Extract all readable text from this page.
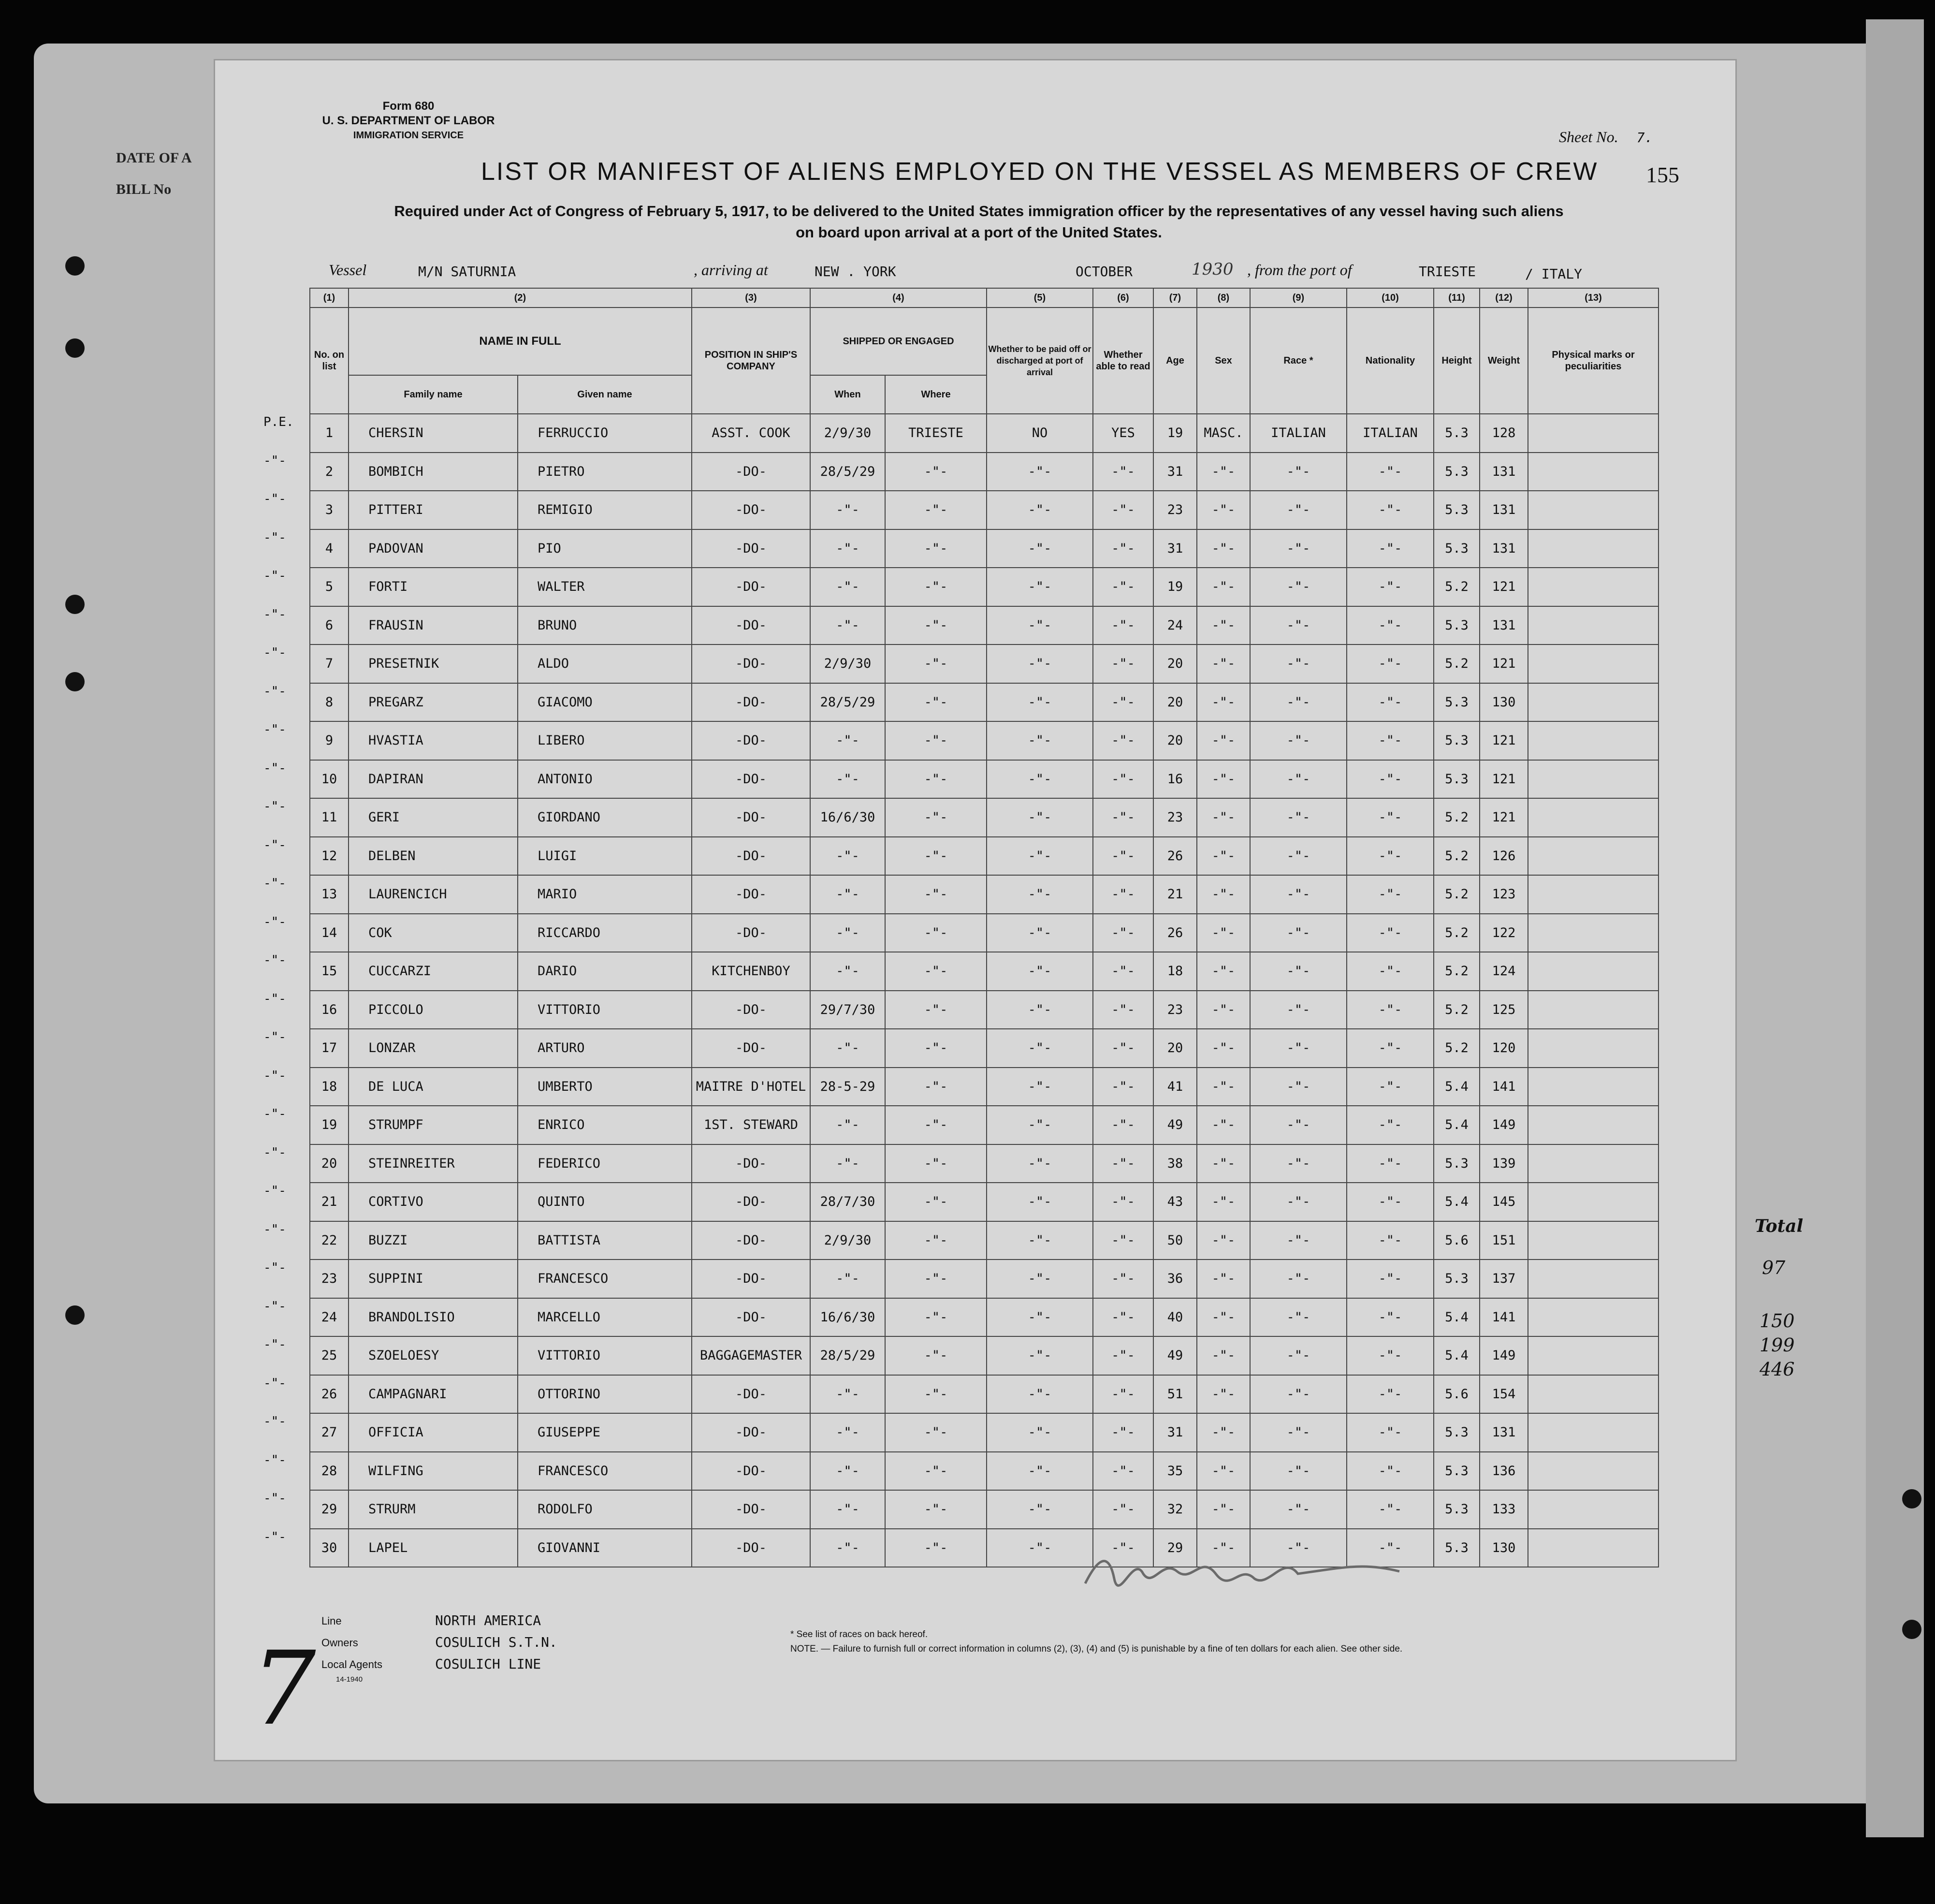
DATE OF A
BILL No
Total
97
150
199
446
Form 680
U. S. DEPARTMENT OF LABOR
IMMIGRATION SERVICE	Sheet No. 7.
155
LIST OR MANIFEST OF ALIENS EMPLOYED ON THE VESSEL AS MEMBERS OF CREW
Required under Act of Congress of February 5, 1917, to be delivered to the United States immigration officer by the representatives of any vessel having such aliens
on board upon arrival at a port of the United States.
Vessel	M/N SATURNIA	, arriving at	NEW . YORK	OCTOBER	1930 , from the port of	TRIESTE	/ ITALY
(1)	(2)		(3)	(4)		(5)	(6)	(7)	(8)	(9)	(10)	(11)	(12)	(13)
No. on list	NAME IN FULL		POSITION IN SHIP'S COMPANY	SHIPPED OR ENGAGED		Whether to be paid off or discharged at port of arrival	Whether able to read	Age	Sex	Race *	Nationality	Height	Weight	Physical marks or peculiarities
	Family name	Given name		When	Where									
1	CHERSIN	FERRUCCIO	ASST. COOK	2/9/30	TRIESTE	NO	YES	19	MASC.	ITALIAN	ITALIAN	5.3	128	
2	BOMBICH	PIETRO	-DO-	28/5/29	-"-	-"-	-"-	31	-"-	-"-	-"-	5.3	131	
3	PITTERI	REMIGIO	-DO-	-"-	-"-	-"-	-"-	23	-"-	-"-	-"-	5.3	131	
4	PADOVAN	PIO	-DO-	-"-	-"-	-"-	-"-	31	-"-	-"-	-"-	5.3	131	
5	FORTI	WALTER	-DO-	-"-	-"-	-"-	-"-	19	-"-	-"-	-"-	5.2	121	
6	FRAUSIN	BRUNO	-DO-	-"-	-"-	-"-	-"-	24	-"-	-"-	-"-	5.3	131	
7	PRESETNIK	ALDO	-DO-	2/9/30	-"-	-"-	-"-	20	-"-	-"-	-"-	5.2	121	
8	PREGARZ	GIACOMO	-DO-	28/5/29	-"-	-"-	-"-	20	-"-	-"-	-"-	5.3	130	
9	HVASTIA	LIBERO	-DO-	-"-	-"-	-"-	-"-	20	-"-	-"-	-"-	5.3	121	
10	DAPIRAN	ANTONIO	-DO-	-"-	-"-	-"-	-"-	16	-"-	-"-	-"-	5.3	121	
11	GERI	GIORDANO	-DO-	16/6/30	-"-	-"-	-"-	23	-"-	-"-	-"-	5.2	121	
12	DELBEN	LUIGI	-DO-	-"-	-"-	-"-	-"-	26	-"-	-"-	-"-	5.2	126	
13	LAURENCICH	MARIO	-DO-	-"-	-"-	-"-	-"-	21	-"-	-"-	-"-	5.2	123	
14	COK	RICCARDO	-DO-	-"-	-"-	-"-	-"-	26	-"-	-"-	-"-	5.2	122	
15	CUCCARZI	DARIO	KITCHENBOY	-"-	-"-	-"-	-"-	18	-"-	-"-	-"-	5.2	124	
16	PICCOLO	VITTORIO	-DO-	29/7/30	-"-	-"-	-"-	23	-"-	-"-	-"-	5.2	125	
17	LONZAR	ARTURO	-DO-	-"-	-"-	-"-	-"-	20	-"-	-"-	-"-	5.2	120	
18	DE LUCA	UMBERTO	MAITRE D'HOTEL	28-5-29	-"-	-"-	-"-	41	-"-	-"-	-"-	5.4	141	
19	STRUMPF	ENRICO	1ST. STEWARD	-"-	-"-	-"-	-"-	49	-"-	-"-	-"-	5.4	149	
20	STEINREITER	FEDERICO	-DO-	-"-	-"-	-"-	-"-	38	-"-	-"-	-"-	5.3	139	
21	CORTIVO	QUINTO	-DO-	28/7/30	-"-	-"-	-"-	43	-"-	-"-	-"-	5.4	145	
22	BUZZI	BATTISTA	-DO-	2/9/30	-"-	-"-	-"-	50	-"-	-"-	-"-	5.6	151	
23	SUPPINI	FRANCESCO	-DO-	-"-	-"-	-"-	-"-	36	-"-	-"-	-"-	5.3	137	
24	BRANDOLISIO	MARCELLO	-DO-	16/6/30	-"-	-"-	-"-	40	-"-	-"-	-"-	5.4	141	
25	SZOELOESY	VITTORIO	BAGGAGEMASTER	28/5/29	-"-	-"-	-"-	49	-"-	-"-	-"-	5.4	149	
26	CAMPAGNARI	OTTORINO	-DO-	-"-	-"-	-"-	-"-	51	-"-	-"-	-"-	5.6	154	
27	OFFICIA	GIUSEPPE	-DO-	-"-	-"-	-"-	-"-	31	-"-	-"-	-"-	5.3	131	
28	WILFING	FRANCESCO	-DO-	-"-	-"-	-"-	-"-	35	-"-	-"-	-"-	5.3	136	
29	STRURM	RODOLFO	-DO-	-"-	-"-	-"-	-"-	32	-"-	-"-	-"-	5.3	133	
30	LAPEL	GIOVANNI	-DO-	-"-	-"-	-"-	-"-	29	-"-	-"-	-"-	5.3	130	
P.E.
-"-
-"-
-"-
-"-
-"-
-"-
-"-
-"-
-"-
-"-
-"-
-"-
-"-
-"-
-"-
-"-
-"-
-"-
-"-
-"-
-"-
-"-
-"-
-"-
-"-
-"-
-"-
-"-
-"-
Line	NORTH AMERICA
Owners	COSULICH S.T.N.
Local Agents	COSULICH LINE
14-1940
* See list of races on back hereof.
NOTE. — Failure to furnish full or correct information in columns (2), (3), (4) and (5) is punishable by a fine of ten dollars for each alien. See other side.
7
